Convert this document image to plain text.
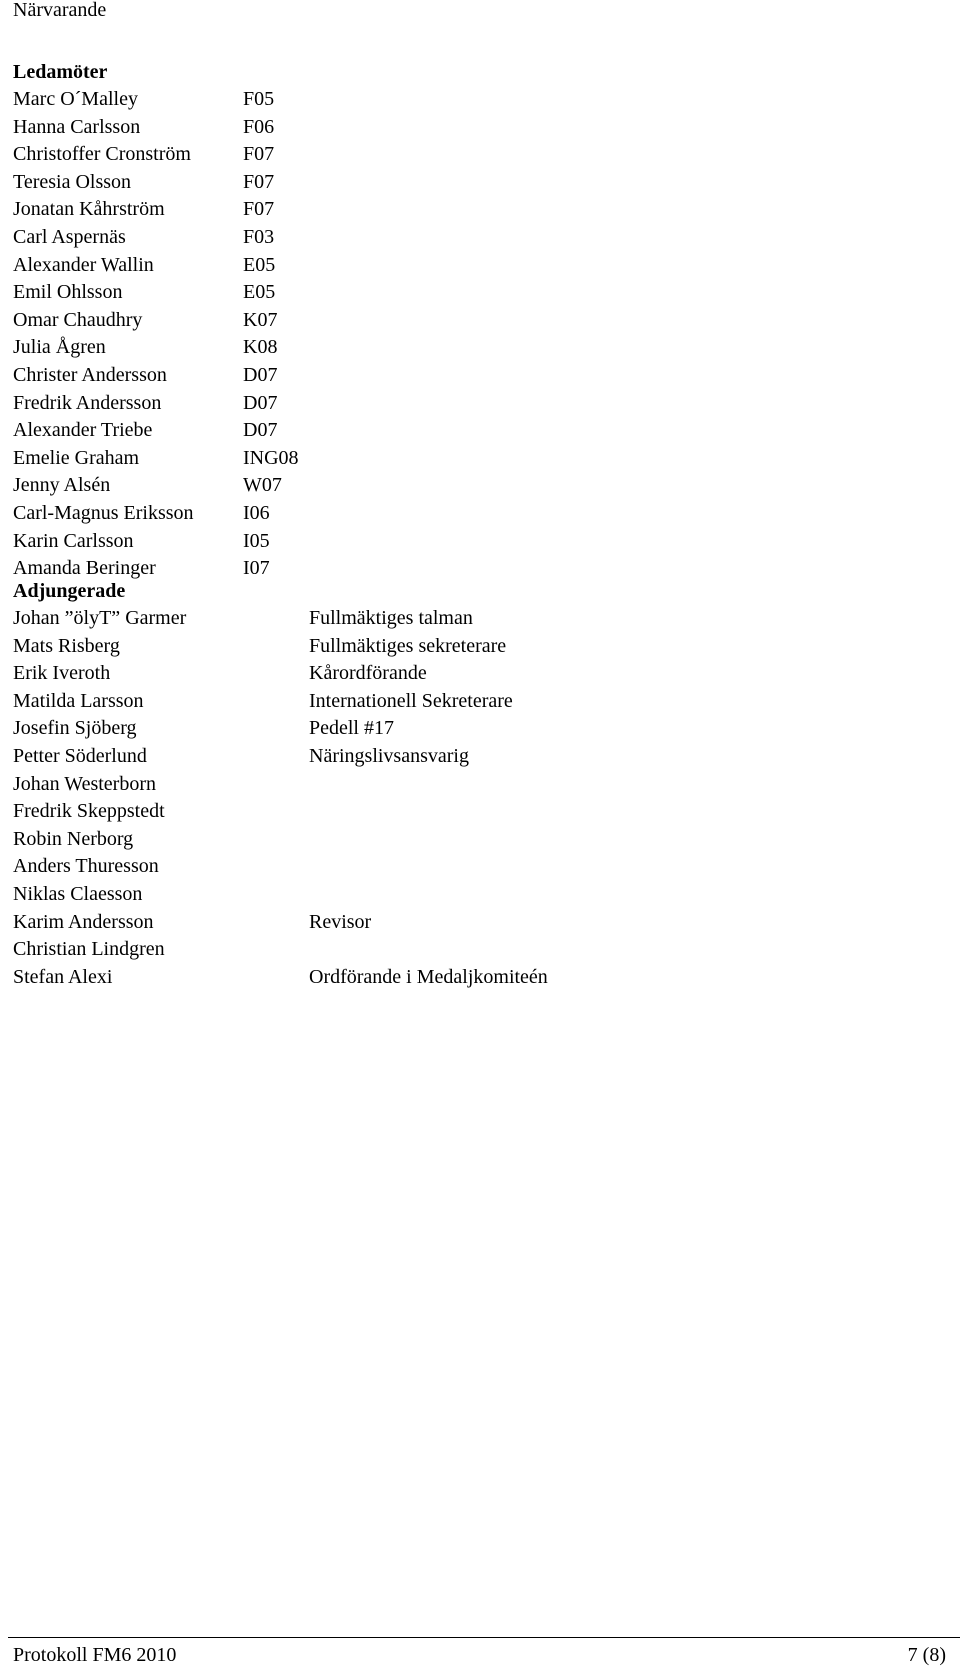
Närvarande
Ledamöter
Marc O´Malley	F05
Hanna Carlsson	F06
Christoffer Cronström	F07
Teresia Olsson	F07
Jonatan Kåhrström	F07
Carl Aspernäs	F03
Alexander Wallin	E05
Emil Ohlsson	E05
Omar Chaudhry	K07
Julia Ågren	K08
Christer Andersson	D07
Fredrik Andersson	D07
Alexander Triebe	D07
Emelie Graham	ING08
Jenny Alsén	W07
Carl-Magnus Eriksson I06
Karin Carlsson	I05
Amanda Beringer	I07
Adjungerade
Johan ”ölyT” Garmer	Fullmäktiges talman
Mats Risberg	Fullmäktiges sekreterare
Erik Iveroth	Kårordförande
Matilda Larsson	Internationell Sekreterare
Josefin Sjöberg	Pedell #17
Petter Söderlund	Näringslivsansvarig
Johan Westerborn
Fredrik Skeppstedt
Robin Nerborg
Anders Thuresson
Niklas Claesson
Karim Andersson	Revisor
Christian Lindgren
Stefan Alexi	Ordförande i Medaljkomiteén
Protokoll FM6 2010	7 (8)
